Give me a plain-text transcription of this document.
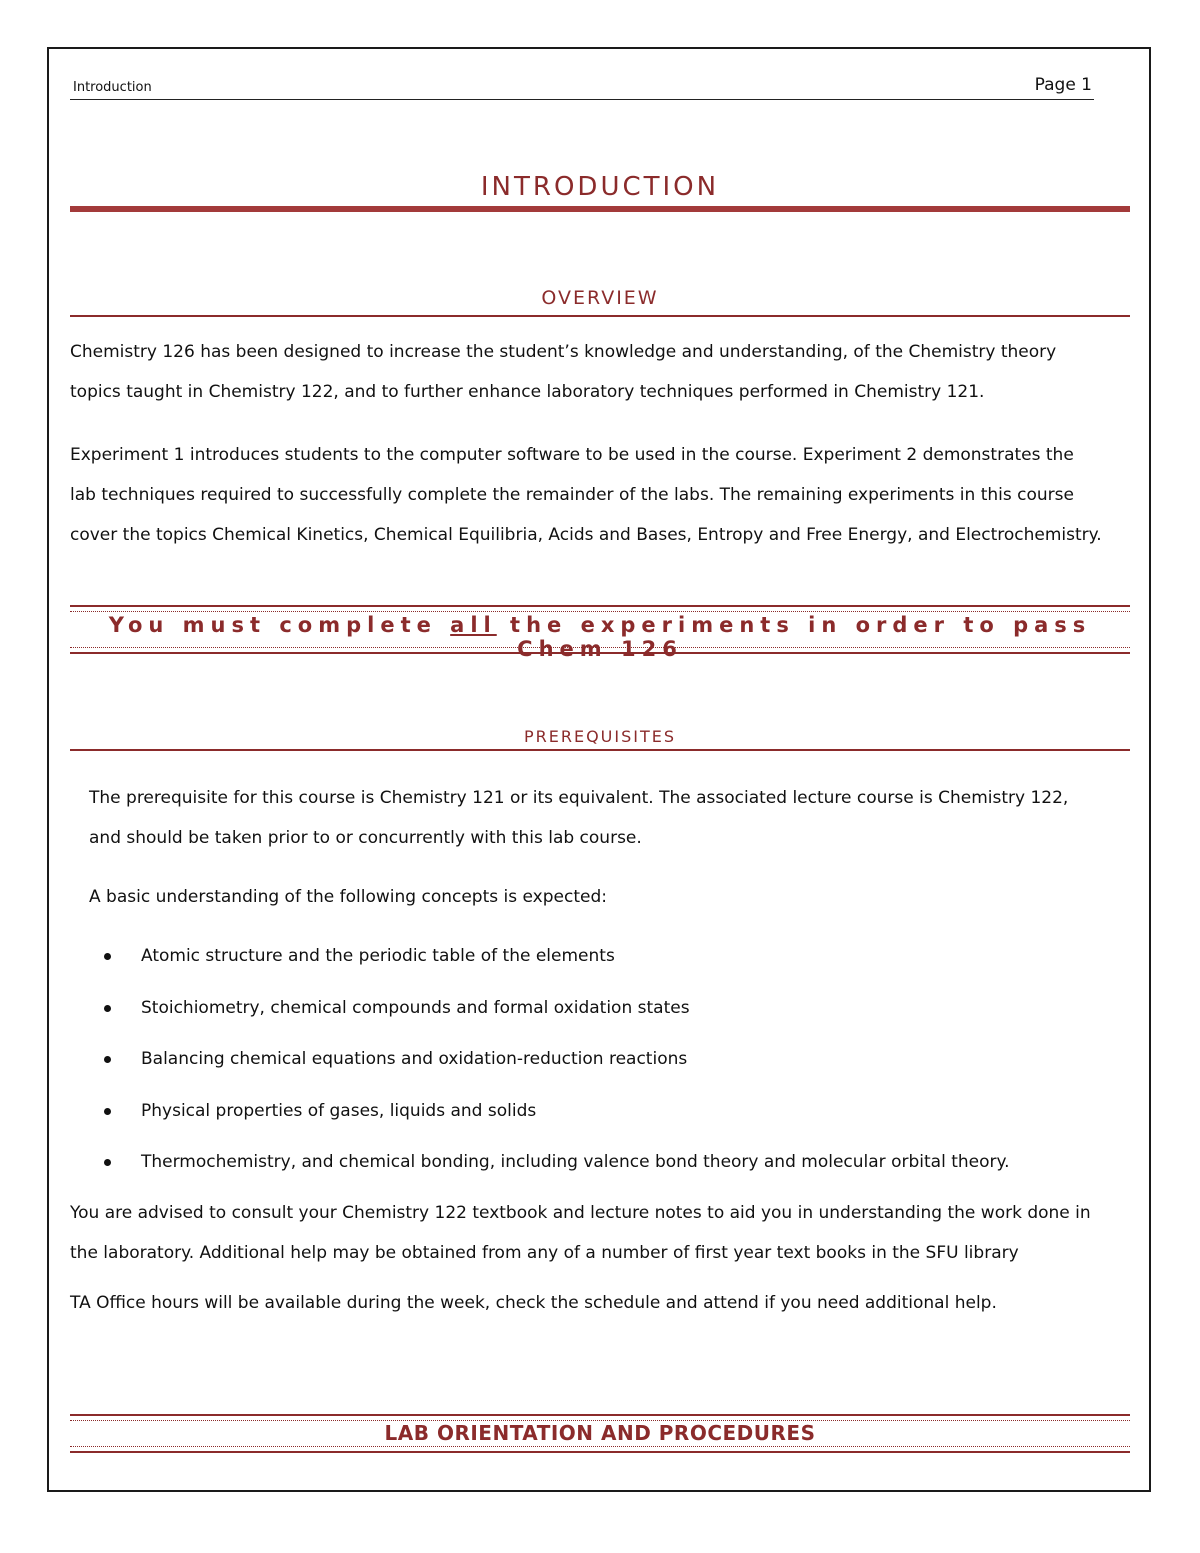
Introduction	Page 1
INTRODUCTION
OVERVIEW

Chemistry 126 has been designed to increase the student’s knowledge and understanding, of the Chemistry theory

topics taught in Chemistry 122, and to further enhance laboratory techniques performed in Chemistry 121.

Experiment 1 introduces students to the computer software to be used in the course. Experiment 2 demonstrates the

lab techniques required to successfully complete the remainder of the labs. The remaining experiments in this course

cover the topics Chemical Kinetics, Chemical Equilibria, Acids and Bases, Entropy and Free Energy, and Electrochemistry.

You must complete all the experiments in order to pass Chem 126
PREREQUISITES

The prerequisite for this course is Chemistry 121 or its equivalent. The associated lecture course is Chemistry 122,

and should be taken prior to or concurrently with this lab course.

A basic understanding of the following concepts is expected:

Atomic structure and the periodic table of the elements
Stoichiometry, chemical compounds and formal oxidation states
Balancing chemical equations and oxidation-reduction reactions
Physical properties of gases, liquids and solids
Thermochemistry, and chemical bonding, including valence bond theory and molecular orbital theory.

You are advised to consult your Chemistry 122 textbook and lecture notes to aid you in understanding the work done in

the laboratory. Additional help may be obtained from any of a number of first year text books in the SFU library

TA Office hours will be available during the week, check the schedule and attend if you need additional help.

LAB ORIENTATION AND PROCEDURES
